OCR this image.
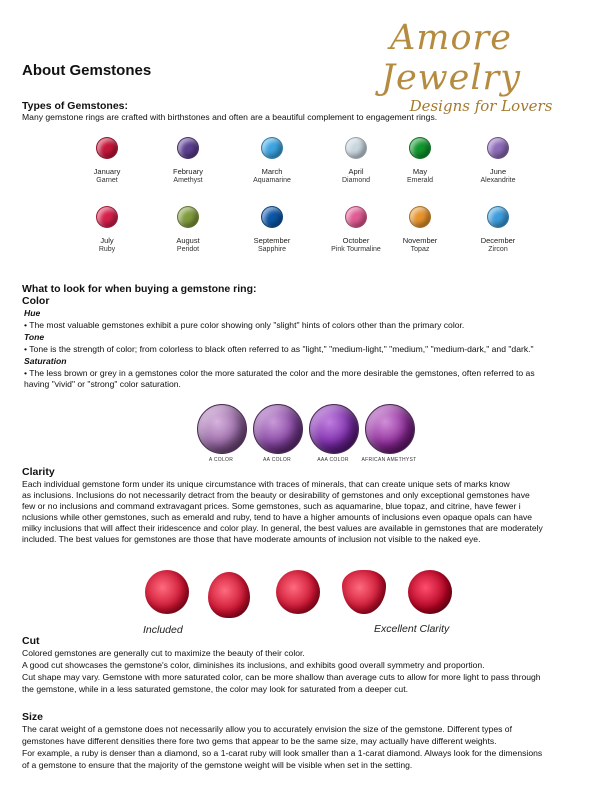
About Gemstones
Amore Jewelry
Designs for Lovers
Types of Gemstones:
Many gemstone rings are crafted with birthstones and often are a beautiful complement to engagement rings.
January
Garnet
February
Amethyst
March
Aquamarine
April
Diamond
May
Emerald
June
Alexandrite
July
Ruby
August
Peridot
September
Sapphire
October
Pink Tourmaline
November
Topaz
December
Zircon
What to look for when buying a gemstone ring:
Color
Hue
• The most valuable gemstones exhibit a pure color showing only "slight" hints of colors other than the primary color.
Tone
• Tone is the strength of color; from colorless to black often referred to as "light," "medium-light," "medium," "medium-dark," and "dark."
Saturation
• The less brown or grey in a gemstones color the more saturated the color and the more desirable the gemstones, often referred to as
having "vivid" or "strong" color saturation.
A COLOR	AA COLOR	AAA COLOR	AFRICAN AMETHYST
Clarity
Each individual gemstone form under its unique circumstance with traces of minerals, that can create unique sets of marks know
as inclusions. Inclusions do not necessarily detract from the beauty or desirability of gemstones and only exceptional gemstones have
few or no inclusions and command extravagant prices. Some gemstones, such as aquamarine, blue topaz, and citrine, have fewer i
nclusions while other gemstones, such as emerald and ruby, tend to have a higher amounts of inclusions even opaque opals can have
milky inclusions that will affect their iridescence and color play. In general, the best values are available in gemstones that are moderately
included. The best values for gemstones are those that have moderate amounts of inclusion not visible to the naked eye.
Included	Excellent Clarity
Cut
Colored gemstones are generally cut to maximize the beauty of their color.
A good cut showcases the gemstone's color, diminishes its inclusions, and exhibits good overall symmetry and proportion.
Cut shape may vary. Gemstone with more saturated color, can be more shallow than average cuts to allow for more light to pass through
the gemstone, while in a less saturated gemstone, the color may look for saturated from a deeper cut.
Size
The carat weight of a gemstone does not necessarily allow you to accurately envision the size of the gemstone. Different types of
gemstones have different densities there fore two gems that appear to be the same size, may actually have different weights.
For example, a ruby is denser than a diamond, so a 1-carat ruby will look smaller than a 1-carat diamond. Always look for the dimensions
of a gemstone to ensure that the majority of the gemstone weight will be visible when set in the setting.
